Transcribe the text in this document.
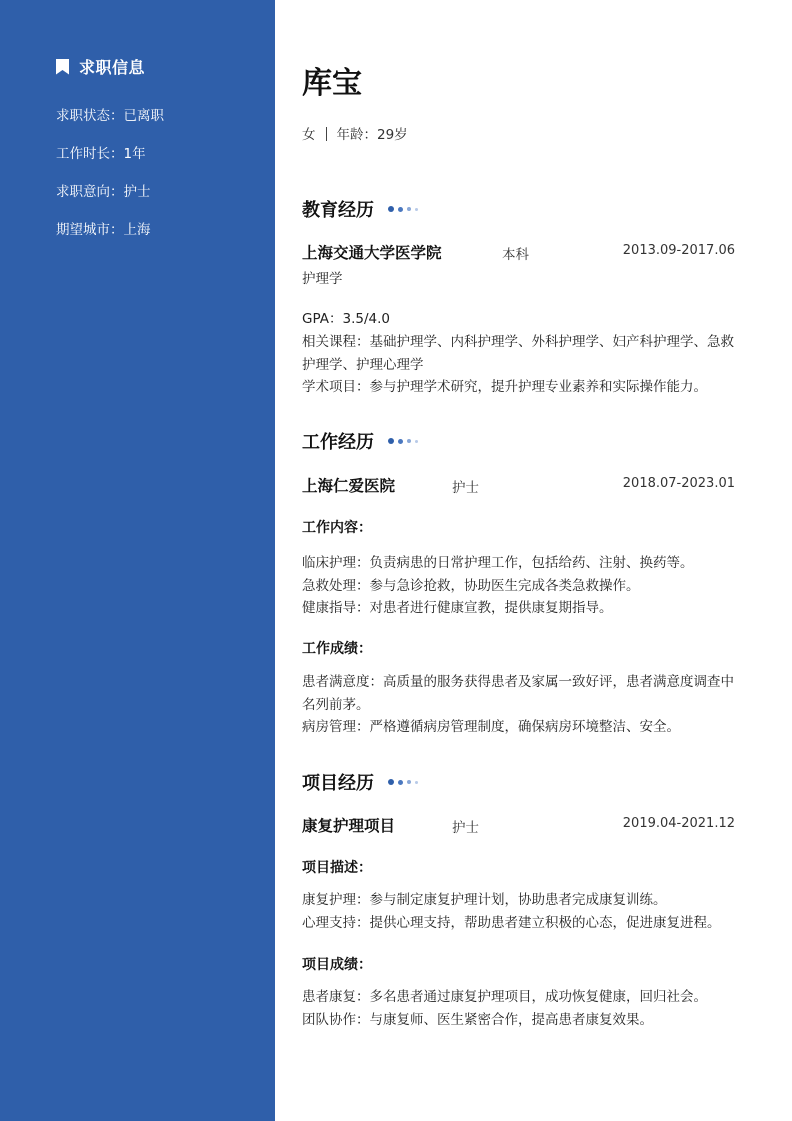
求职信息
求职状态：已离职
工作时长：1年
求职意向：护士
期望城市：上海
库宝
女 年龄：29岁
教育经历
上海交通大学医学院	本科	2013.09-2017.06
护理学
GPA：3.5/4.0
相关课程：基础护理学、内科护理学、外科护理学、妇产科护理学、急救护理学、护理心理学
学术项目：参与护理学术研究，提升护理专业素养和实际操作能力。
工作经历
上海仁爱医院	护士	2018.07-2023.01
工作内容：
临床护理：负责病患的日常护理工作，包括给药、注射、换药等。
急救处理：参与急诊抢救，协助医生完成各类急救操作。
健康指导：对患者进行健康宣教，提供康复期指导。
工作成绩：
患者满意度：高质量的服务获得患者及家属一致好评，患者满意度调查中名列前茅。
病房管理：严格遵循病房管理制度，确保病房环境整洁、安全。
项目经历
康复护理项目	护士	2019.04-2021.12
项目描述：
康复护理：参与制定康复护理计划，协助患者完成康复训练。
心理支持：提供心理支持，帮助患者建立积极的心态，促进康复进程。
项目成绩：
患者康复：多名患者通过康复护理项目，成功恢复健康，回归社会。
团队协作：与康复师、医生紧密合作，提高患者康复效果。
